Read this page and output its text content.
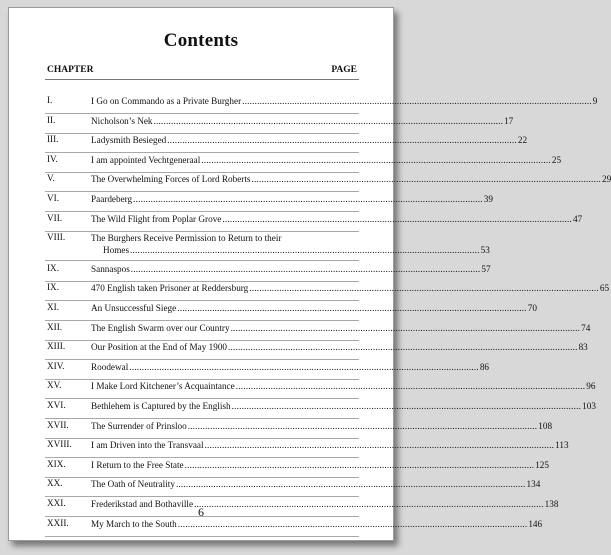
Contents
CHAPTER	PAGE
I.	I Go on Commando as a Private Burgher ............................................................................................................................................ 9
II.	Nicholson’s Nek ............................................................................................................................................ 17
III.	Ladysmith Besieged ............................................................................................................................................ 22
IV.	I am appointed Vechtgeneraal ............................................................................................................................................ 25
V.	The Overwhelming Forces of Lord Roberts ............................................................................................................................................ 29
VI.	Paardeberg ............................................................................................................................................ 39
VII.	The Wild Flight from Poplar Grove ............................................................................................................................................ 47
VIII.	The Burghers Receive Permission to Return to their
Homes ............................................................................................................................................ 53
IX.	Sannaspos ............................................................................................................................................ 57
IX.	470 English taken Prisoner at Reddersburg ............................................................................................................................................ 65
XI.	An Unsuccessful Siege ............................................................................................................................................ 70
XII.	The English Swarm over our Country ............................................................................................................................................ 74
XIII.	Our Position at the End of May 1900 ............................................................................................................................................ 83
XIV.	Roodewal ............................................................................................................................................ 86
XV.	I Make Lord Kitchener’s Acquaintance ............................................................................................................................................ 96
XVI.	Bethlehem is Captured by the English ............................................................................................................................................ 103
XVII. The Surrender of Prinsloo ............................................................................................................................................ 108
XVIII. I am Driven into the Transvaal ............................................................................................................................................ 113
XIX.	I Return to the Free State ............................................................................................................................................ 125
XX.	The Oath of Neutrality ............................................................................................................................................ 134
XXI.	Frederikstad and Bothaville ............................................................................................................................................ 138
XXII. My March to the South ............................................................................................................................................ 146
6
